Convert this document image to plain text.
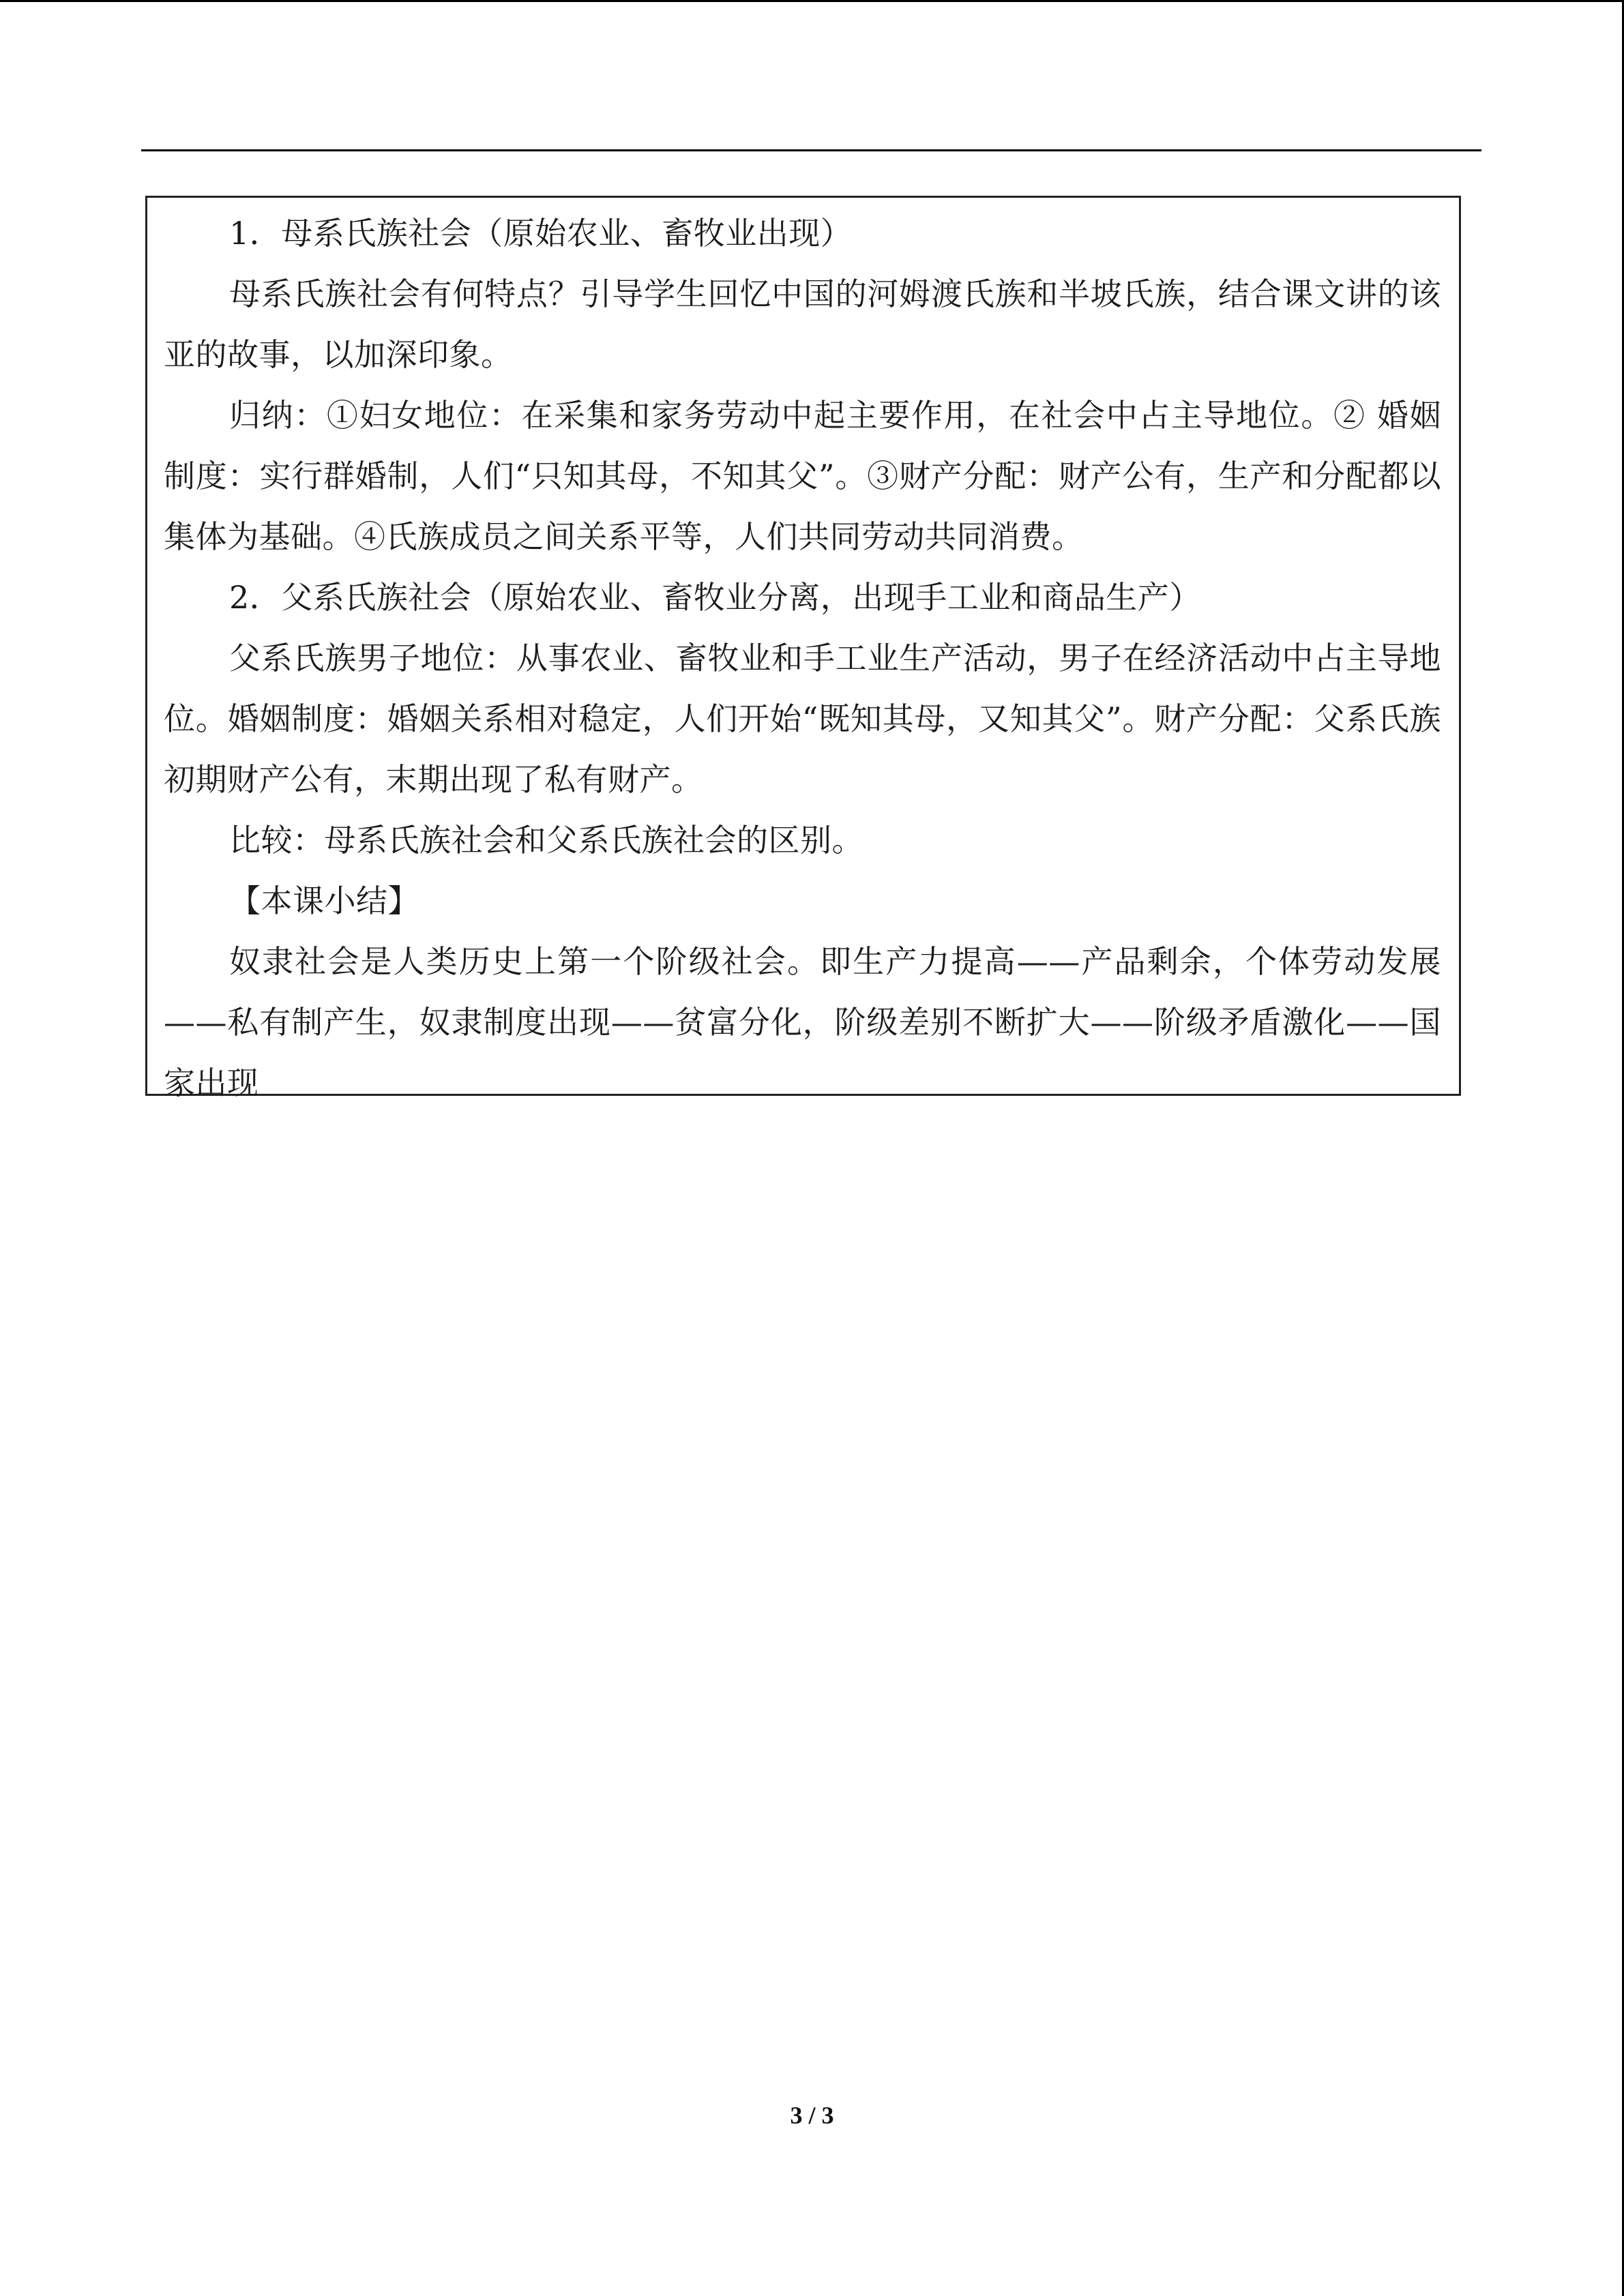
1．母系氏族社会（原始农业、畜牧业出现）

母系氏族社会有何特点？引导学生回忆中国的河姆渡氏族和半坡氏族，结合课文讲的该亚的故事，以加深印象。

归纳：①妇女地位：在采集和家务劳动中起主要作用，在社会中占主导地位。② 婚姻制度：实行群婚制，人们“只知其母，不知其父”。③财产分配：财产公有，生产和分配都以集体为基础。④氏族成员之间关系平等，人们共同劳动共同消费。

2．父系氏族社会（原始农业、畜牧业分离，出现手工业和商品生产）

父系氏族男子地位：从事农业、畜牧业和手工业生产活动，男子在经济活动中占主导地位。婚姻制度：婚姻关系相对稳定，人们开始“既知其母，又知其父”。财产分配：父系氏族初期财产公有，末期出现了私有财产。

比较：母系氏族社会和父系氏族社会的区别。

【本课小结】

奴隶社会是人类历史上第一个阶级社会。即生产力提高——产品剩余，个体劳动发展——私有制产生，奴隶制度出现——贫富分化，阶级差别不断扩大——阶级矛盾激化——国家出现

3 / 3
